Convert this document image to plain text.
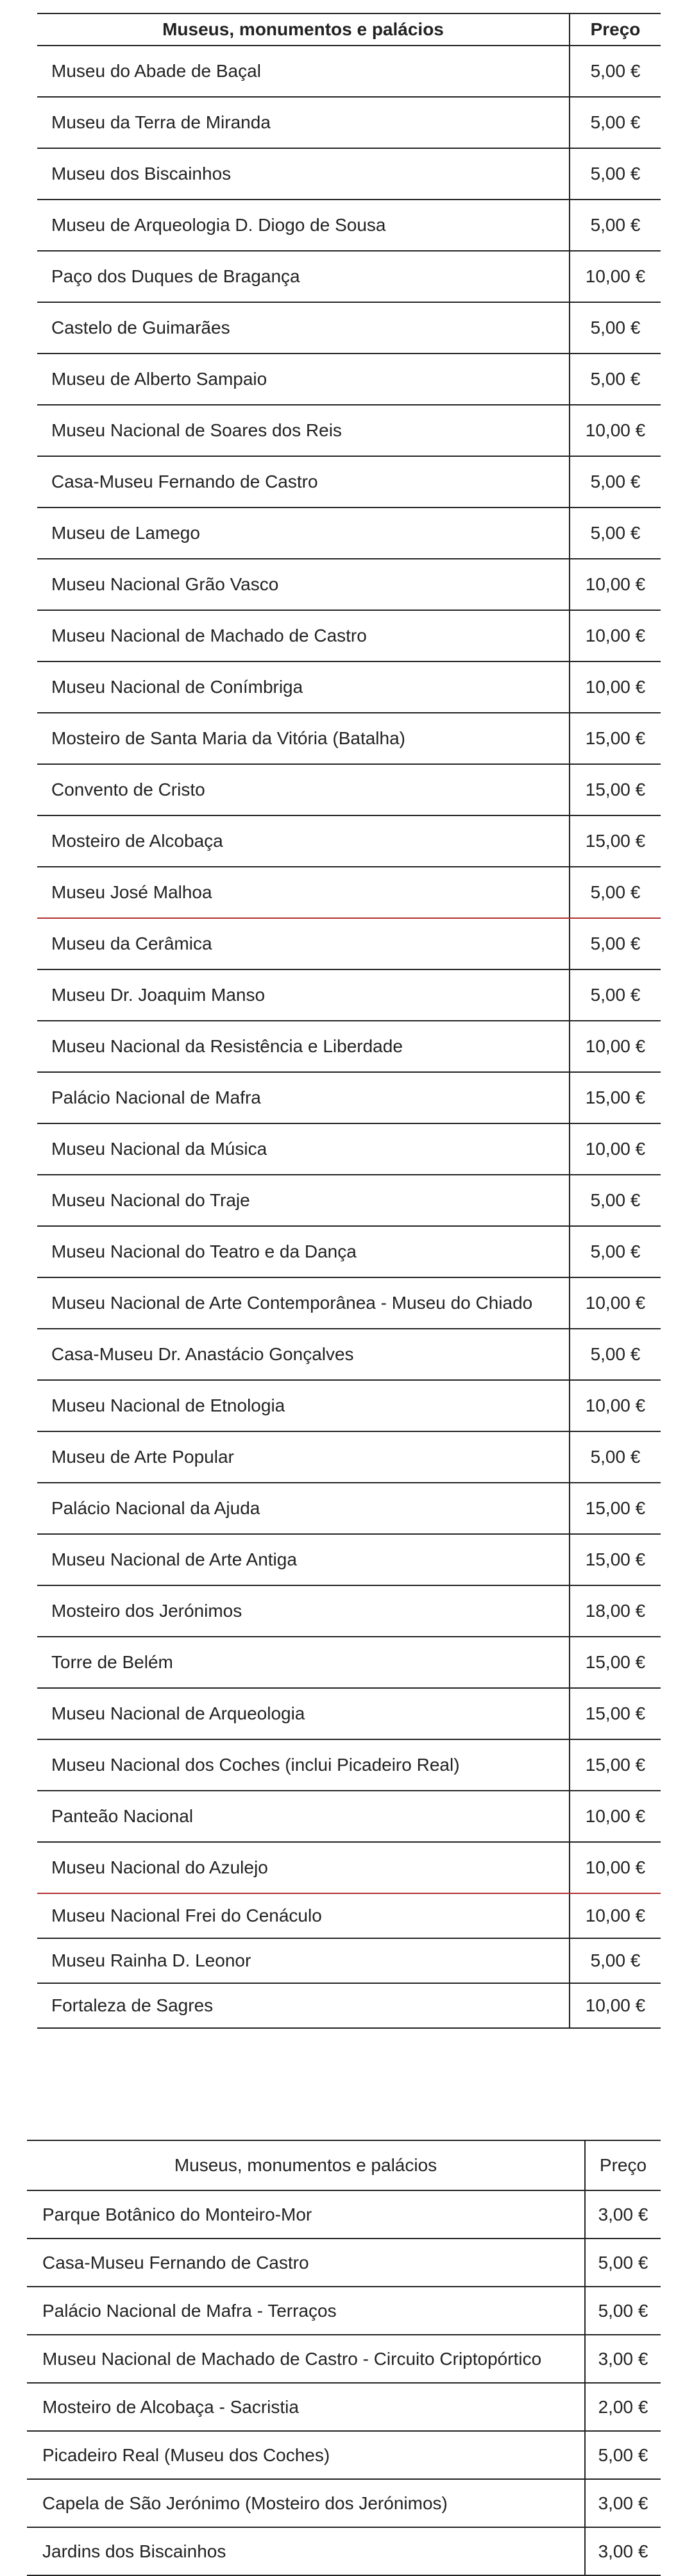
Museus, monumentos e palácios	Preço
Museu do Abade de Baçal	5,00 €
Museu da Terra de Miranda	5,00 €
Museu dos Biscainhos	5,00 €
Museu de Arqueologia D. Diogo de Sousa	5,00 €
Paço dos Duques de Bragança	10,00 €
Castelo de Guimarães	5,00 €
Museu de Alberto Sampaio	5,00 €
Museu Nacional de Soares dos Reis	10,00 €
Casa-Museu Fernando de Castro	5,00 €
Museu de Lamego	5,00 €
Museu Nacional Grão Vasco	10,00 €
Museu Nacional de Machado de Castro	10,00 €
Museu Nacional de Conímbriga	10,00 €
Mosteiro de Santa Maria da Vitória (Batalha)	15,00 €
Convento de Cristo	15,00 €
Mosteiro de Alcobaça	15,00 €
Museu José Malhoa	5,00 €
Museu da Cerâmica	5,00 €
Museu Dr. Joaquim Manso	5,00 €
Museu Nacional da Resistência e Liberdade	10,00 €
Palácio Nacional de Mafra	15,00 €
Museu Nacional da Música	10,00 €
Museu Nacional do Traje	5,00 €
Museu Nacional do Teatro e da Dança	5,00 €
Museu Nacional de Arte Contemporânea - Museu do Chiado	10,00 €
Casa-Museu Dr. Anastácio Gonçalves	5,00 €
Museu Nacional de Etnologia	10,00 €
Museu de Arte Popular	5,00 €
Palácio Nacional da Ajuda	15,00 €
Museu Nacional de Arte Antiga	15,00 €
Mosteiro dos Jerónimos	18,00 €
Torre de Belém	15,00 €
Museu Nacional de Arqueologia	15,00 €
Museu Nacional dos Coches (inclui Picadeiro Real)	15,00 €
Panteão Nacional	10,00 €
Museu Nacional do Azulejo	10,00 €
Museu Nacional Frei do Cenáculo	10,00 €
Museu Rainha D. Leonor	5,00 €
Fortaleza de Sagres	10,00 €
Museus, monumentos e palácios	Preço
Parque Botânico do Monteiro-Mor	3,00 €
Casa-Museu Fernando de Castro	5,00 €
Palácio Nacional de Mafra - Terraços	5,00 €
Museu Nacional de Machado de Castro - Circuito Criptopórtico	3,00 €
Mosteiro de Alcobaça - Sacristia	2,00 €
Picadeiro Real (Museu dos Coches)	5,00 €
Capela de São Jerónimo (Mosteiro dos Jerónimos)	3,00 €
Jardins dos Biscainhos	3,00 €
